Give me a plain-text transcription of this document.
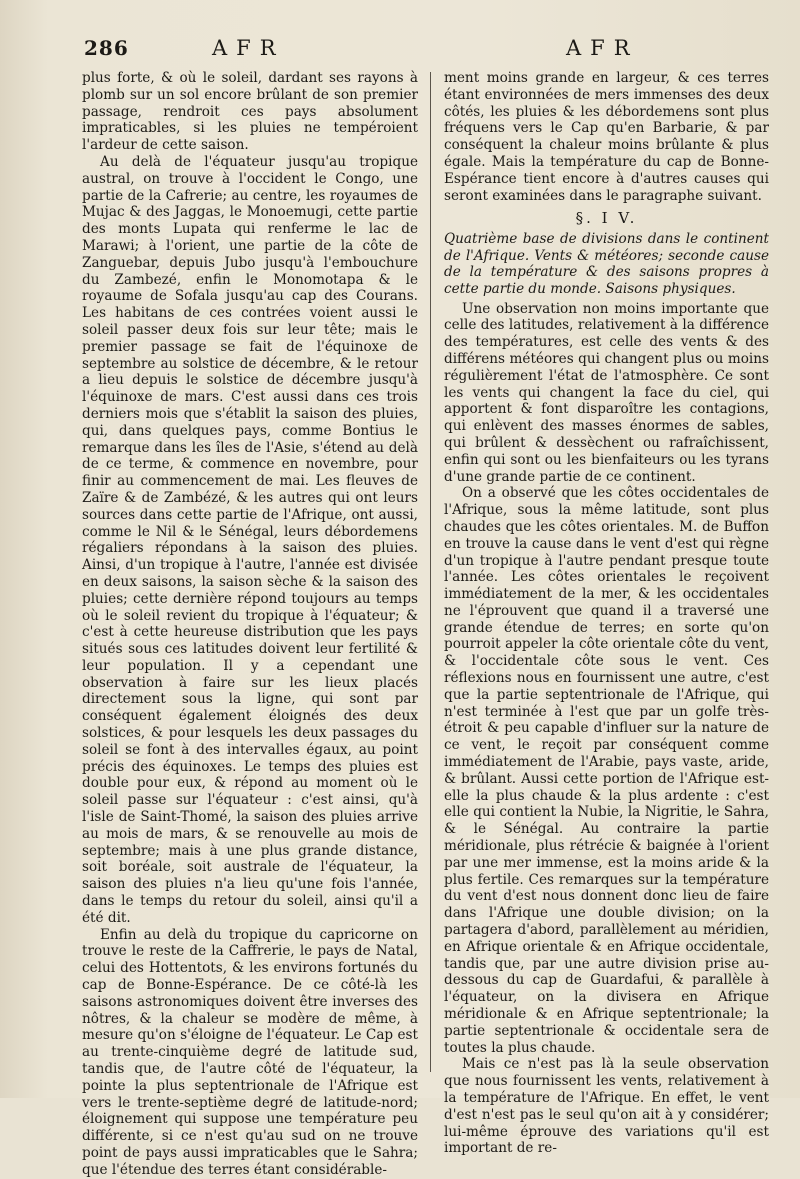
286	AFR	AFR

plus forte, & où le soleil, dardant ses rayons à plomb sur un sol encore brûlant de son premier passage, rendroit ces pays absolument impraticables, si les pluies ne tempéroient l'ardeur de cette saison.

Au delà de l'équateur jusqu'au tropique austral, on trouve à l'occident le Congo, une partie de la Cafrerie; au centre, les royaumes de Mujac & des Jaggas, le Monoemugi, cette partie des monts Lupata qui renferme le lac de Marawi; à l'orient, une partie de la côte de Zanguebar, depuis Jubo jusqu'à l'embouchure du Zambezé, enfin le Monomotapa & le royaume de Sofala jusqu'au cap des Courans. Les habitans de ces contrées voient aussi le soleil passer deux fois sur leur tête; mais le premier passage se fait de l'équinoxe de septembre au solstice de décembre, & le retour a lieu depuis le solstice de décembre jusqu'à l'équinoxe de mars. C'est aussi dans ces trois derniers mois que s'établit la saison des pluies, qui, dans quelques pays, comme Bontius le remarque dans les îles de l'Asie, s'étend au delà de ce terme, & commence en novembre, pour finir au commencement de mai. Les fleuves de Zaïre & de Zambézé, & les autres qui ont leurs sources dans cette partie de l'Afrique, ont aussi, comme le Nil & le Sénégal, leurs débordemens régaliers répondans à la saison des pluies. Ainsi, d'un tropique à l'autre, l'année est divisée en deux saisons, la saison sèche & la saison des pluies; cette dernière répond toujours au temps où le soleil revient du tropique à l'équateur; & c'est à cette heureuse distribution que les pays situés sous ces latitudes doivent leur fertilité & leur population. Il y a cependant une observation à faire sur les lieux placés directement sous la ligne, qui sont par conséquent également éloignés des deux solstices, & pour lesquels les deux passages du soleil se font à des intervalles égaux, au point précis des équinoxes. Le temps des pluies est double pour eux, & répond au moment où le soleil passe sur l'équateur : c'est ainsi, qu'à l'isle de Saint-Thomé, la saison des pluies arrive au mois de mars, & se renouvelle au mois de septembre; mais à une plus grande distance, soit boréale, soit australe de l'équateur, la saison des pluies n'a lieu qu'une fois l'année, dans le temps du retour du soleil, ainsi qu'il a été dit.

Enfin au delà du tropique du capricorne on trouve le reste de la Caffrerie, le pays de Natal, celui des Hottentots, & les environs fortunés du cap de Bonne-Espérance. De ce côté-là les saisons astronomiques doivent être inverses des nôtres, & la chaleur se modère de même, à mesure qu'on s'éloigne de l'équateur. Le Cap est au trente-cinquième degré de latitude sud, tandis que, de l'autre côté de l'équateur, la pointe la plus septentrionale de l'Afrique est vers le trente-septième degré de latitude-nord; éloignement qui suppose une température peu différente, si ce n'est qu'au sud on ne trouve point de pays aussi impraticables que le Sahra; que l'étendue des terres étant considérable-

ment moins grande en largeur, & ces terres étant environnées de mers immenses des deux côtés, les pluies & les débordemens sont plus fréquens vers le Cap qu'en Barbarie, & par conséquent la chaleur moins brûlante & plus égale. Mais la température du cap de Bonne-Espérance tient encore à d'autres causes qui seront examinées dans le paragraphe suivant.

§. I V.

Quatrième base de divisions dans le continent de l'Afrique. Vents & météores; seconde cause de la température & des saisons propres à cette partie du monde. Saisons physiques.

Une observation non moins importante que celle des latitudes, relativement à la différence des températures, est celle des vents & des différens météores qui changent plus ou moins régulièrement l'état de l'atmosphère. Ce sont les vents qui changent la face du ciel, qui apportent & font disparoître les contagions, qui enlèvent des masses énormes de sables, qui brûlent & dessèchent ou rafraîchissent, enfin qui sont ou les bienfaiteurs ou les tyrans d'une grande partie de ce continent.

On a observé que les côtes occidentales de l'Afrique, sous la même latitude, sont plus chaudes que les côtes orientales. M. de Buffon en trouve la cause dans le vent d'est qui règne d'un tropique à l'autre pendant presque toute l'année. Les côtes orientales le reçoivent immédiatement de la mer, & les occidentales ne l'éprouvent que quand il a traversé une grande étendue de terres; en sorte qu'on pourroit appeler la côte orientale côte du vent, & l'occidentale côte sous le vent. Ces réflexions nous en fournissent une autre, c'est que la partie septentrionale de l'Afrique, qui n'est terminée à l'est que par un golfe très-étroit & peu capable d'influer sur la nature de ce vent, le reçoit par conséquent comme immédiatement de l'Arabie, pays vaste, aride, & brûlant. Aussi cette portion de l'Afrique est-elle la plus chaude & la plus ardente : c'est elle qui contient la Nubie, la Nigritie, le Sahra, & le Sénégal. Au contraire la partie méridionale, plus rétrécie & baignée à l'orient par une mer immense, est la moins aride & la plus fertile. Ces remarques sur la température du vent d'est nous donnent donc lieu de faire dans l'Afrique une double division; on la partagera d'abord, parallèlement au méridien, en Afrique orientale & en Afrique occidentale, tandis que, par une autre division prise au-dessous du cap de Guardafui, & parallèle à l'équateur, on la divisera en Afrique méridionale & en Afrique septentrionale; la partie septentrionale & occidentale sera de toutes la plus chaude.

Mais ce n'est pas là la seule observation que nous fournissent les vents, relativement à la température de l'Afrique. En effet, le vent d'est n'est pas le seul qu'on ait à y considérer; lui-même éprouve des variations qu'il est important de re-
